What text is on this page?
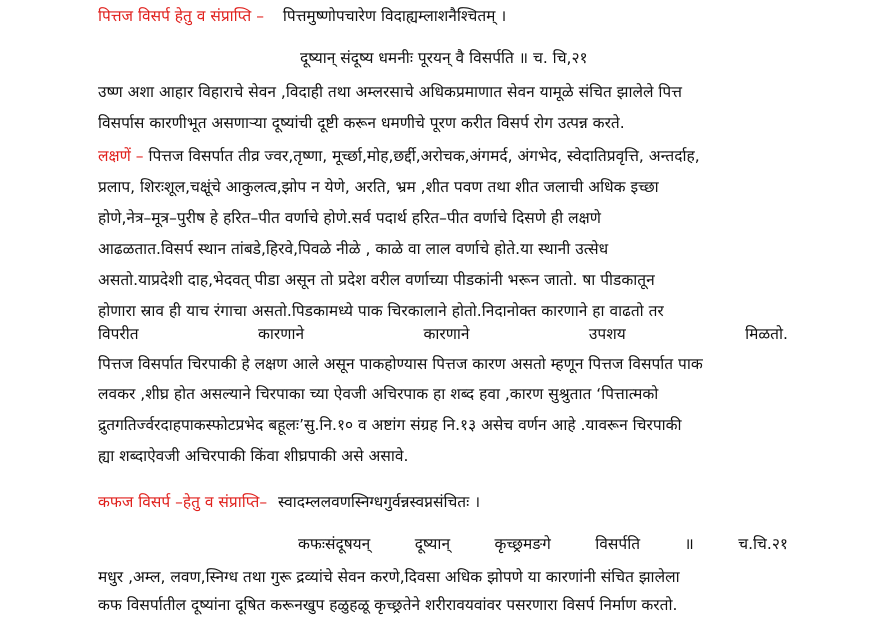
पित्तज विसर्प हेतु व संप्राप्ति – पित्तमुष्णोपचारेण विदाह्यम्लाशनैश्चितम् ।
दूष्यान् संदूष्य धमनीः पूरयन् वै विसर्पति ॥ च. चि,२१
उष्ण अशा आहार विहाराचे सेवन ,विदाही तथा अम्लरसाचे अधिकप्रमाणात सेवन यामूळे संचित झालेले पित्त
विसर्पास कारणीभूत असणाऱ्या दूष्यांची दूष्टी करून धमणीचे पूरण करीत विसर्प रोग उत्पन्न करते.
लक्षणें – पित्तज विसर्पात तीव्र ज्वर,तृष्णा, मूर्च्छा,मोह,छर्द्दी,अरोचक,अंगमर्द, अंगभेद, स्वेदातिप्रवृत्ति, अन्तर्दाह,
प्रलाप, शिरःशूल,चक्षूंचे आकुलत्व,झोप न येणे, अरति, भ्रम ,शीत पवण तथा शीत जलाची अधिक इच्छा
होणे,नेत्र–मूत्र–पुरीष हे हरित–पीत वर्णाचे होणे.सर्व पदार्थ हरित–पीत वर्णाचे दिसणे ही लक्षणे
आढळतात.विसर्प स्थान तांबडे,हिरवे,पिवळे नीळे , काळे वा लाल वर्णाचे होते.या स्थानी उत्सेध
असतो.याप्रदेशी दाह,भेदवत् पीडा असून तो प्रदेश वरील वर्णाच्या पीडकांनी भरून जातो. षा पीडकातून
होणारा स्राव ही याच रंगाचा असतो.पिडकामध्ये पाक चिरकालाने होतो.निदानोक्त कारणाने हा वाढतो तर
विपरीत	कारणाने	कारणाने	उपशय	मिळतो.
पित्तज विसर्पात चिरपाकी हे लक्षण आले असून पाकहोण्यास पित्तज कारण असतो म्हणून पित्तज विसर्पात पाक
लवकर ,शीघ्र होत असल्याने चिरपाका च्या ऐवजी अचिरपाक हा शब्द हवा ,कारण सुश्रुतात ‘पित्तात्मको
द्रुतगतिर्ज्वरदाहपाकस्फोटप्रभेद बहूलः’सु.नि.१० व अष्टांग संग्रह नि.१३ असेच वर्णन आहे .यावरून चिरपाकी
ह्या शब्दाऐवजी अचिरपाकी किंवा शीघ्रपाकी असे असावे.
कफज विसर्प –हेतु व संप्राप्ति– स्वादम्ललवणस्निग्धगुर्वन्नस्वप्नसंचितः ।
कफःसंदूषयन्	दूष्यान्	कृच्छ्रमङगे	विसर्पति	॥	च.चि.२१
मधुर ,अम्ल, लवण,स्निग्ध तथा गुरू द्रव्यांचे सेवन करणे,दिवसा अधिक झोपणे या कारणांनी संचित झालेला
कफ विसर्पातील दूष्यांना दूषित करूनखुप हळुहळू कृच्छ्रतेने शरीरावयवांवर पसरणारा विसर्प निर्माण करतो.
